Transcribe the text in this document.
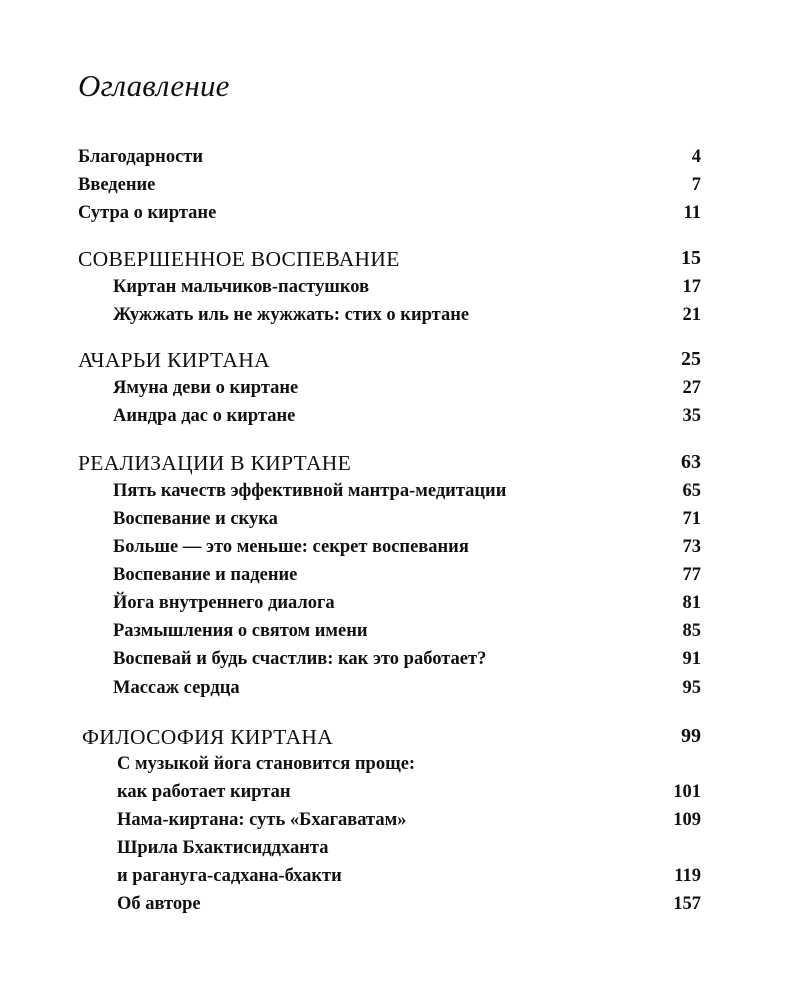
Оглавление
Благодарности	4
Введение	7
Сутра о киртане	11
СОВЕРШЕННОЕ ВОСПЕВАНИЕ	15
Киртан мальчиков-пастушков	17
Жужжать иль не жужжать: стих о киртане	21
АЧАРЬИ КИРТАНА	25
Ямуна деви о киртане	27
Аиндра дас о киртане	35
РЕАЛИЗАЦИИ В КИРТАНЕ	63
Пять качеств эффективной мантра-медитации	65
Воспевание и скука	71
Больше — это меньше: секрет воспевания	73
Воспевание и падение	77
Йога внутреннего диалога	81
Размышления о святом имени	85
Воспевай и будь счастлив: как это работает?	91
Массаж сердца	95
ФИЛОСОФИЯ КИРТАНА	99
С музыкой йога становится проще:
как работает киртан	101
Нама-киртана: суть «Бхагаватам»	109
Шрила Бхактисиддханта
и рагануга-садхана-бхакти	119
Об авторе	157
